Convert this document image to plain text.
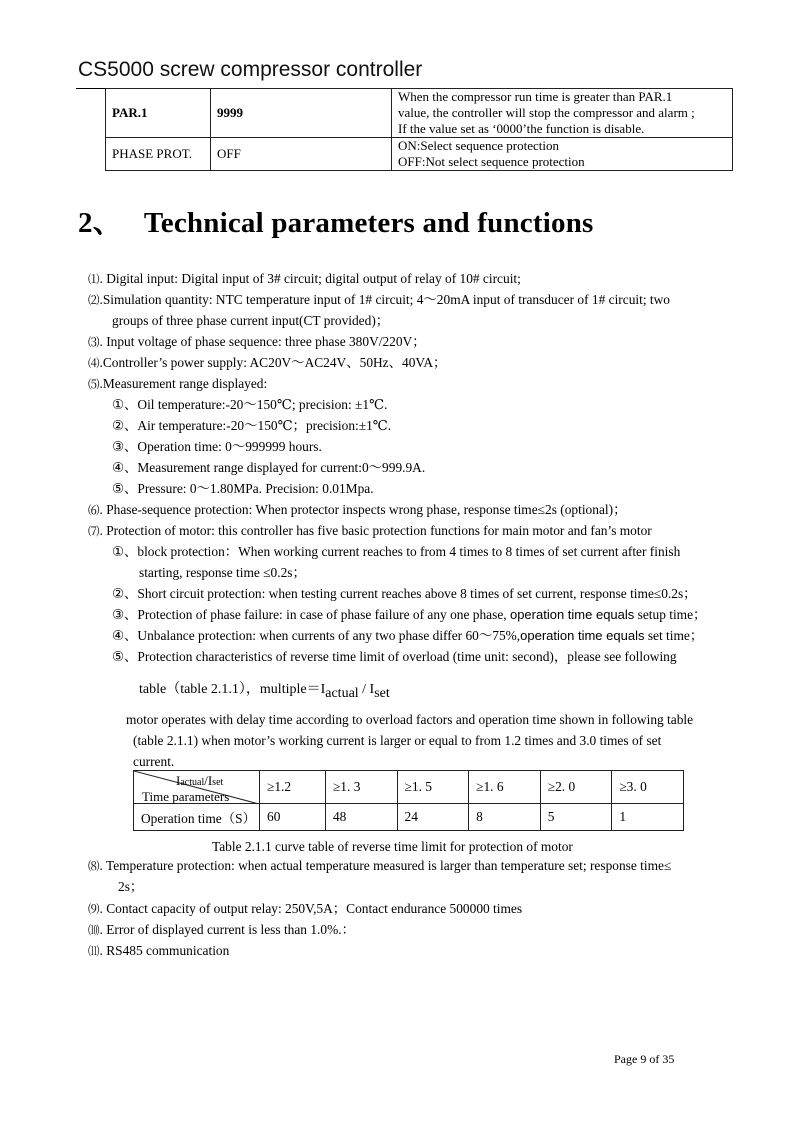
CS5000 screw compressor controller
PAR.1	9999	When the compressor run time is greater than PAR.1
value, the controller will stop the compressor and alarm ;
If the value set as ‘0000’the function is disable.

PHASE PROT.	OFF	ON:Select sequence protection
OFF:Not select sequence protection
2、 Technical parameters and functions
⑴. Digital input: Digital input of 3# circuit; digital output of relay of 10# circuit;
⑵.Simulation quantity: NTC temperature input of 1# circuit; 4～20mA input of transducer of 1# circuit; two
groups of three phase current input(CT provided)；
⑶. Input voltage of phase sequence: three phase 380V/220V；
⑷.Controller’s power supply: AC20V～AC24V、50Hz、40VA；
⑸.Measurement range displayed:
①、Oil temperature:-20～150℃; precision: ±1℃.
②、Air temperature:-20～150℃；precision:±1℃.
③、Operation time: 0～999999 hours.
④、Measurement range displayed for current:0～999.9A.
⑤、Pressure: 0～1.80MPa. Precision: 0.01Mpa.
⑹. Phase-sequence protection: When protector inspects wrong phase, response time≤2s (optional)；
⑺. Protection of motor: this controller has five basic protection functions for main motor and fan’s motor
①、block protection：When working current reaches to from 4 times to 8 times of set current after finish
starting, response time ≤0.2s；
②、Short circuit protection: when testing current reaches above 8 times of set current, response time≤0.2s；
③、Protection of phase failure: in case of phase failure of any one phase, operation time equals setup time；
④、Unbalance protection: when currents of any two phase differ 60～75%,operation time equals set time；
⑤、Protection characteristics of reverse time limit of overload (time unit: second)，please see following
table（table 2.1.1），multiple＝Iactual / Iset
motor operates with delay time according to overload factors and operation time shown in following table
(table 2.1.1) when motor’s working current is larger or equal to from 1.2 times and 3.0 times of set
current.
Iactual/Iset
Time parameters	≥1.2	≥1. 3	≥1. 5	≥1. 6	≥2. 0	≥3. 0
Operation time（S）	60	48	24	8	5	1
Table 2.1.1 curve table of reverse time limit for protection of motor
⑻. Temperature protection: when actual temperature measured is larger than temperature set; response time≤
2s；
⑼. Contact capacity of output relay: 250V,5A；Contact endurance 500000 times
⑽. Error of displayed current is less than 1.0%.：
⑾. RS485 communication
Page 9 of 35
